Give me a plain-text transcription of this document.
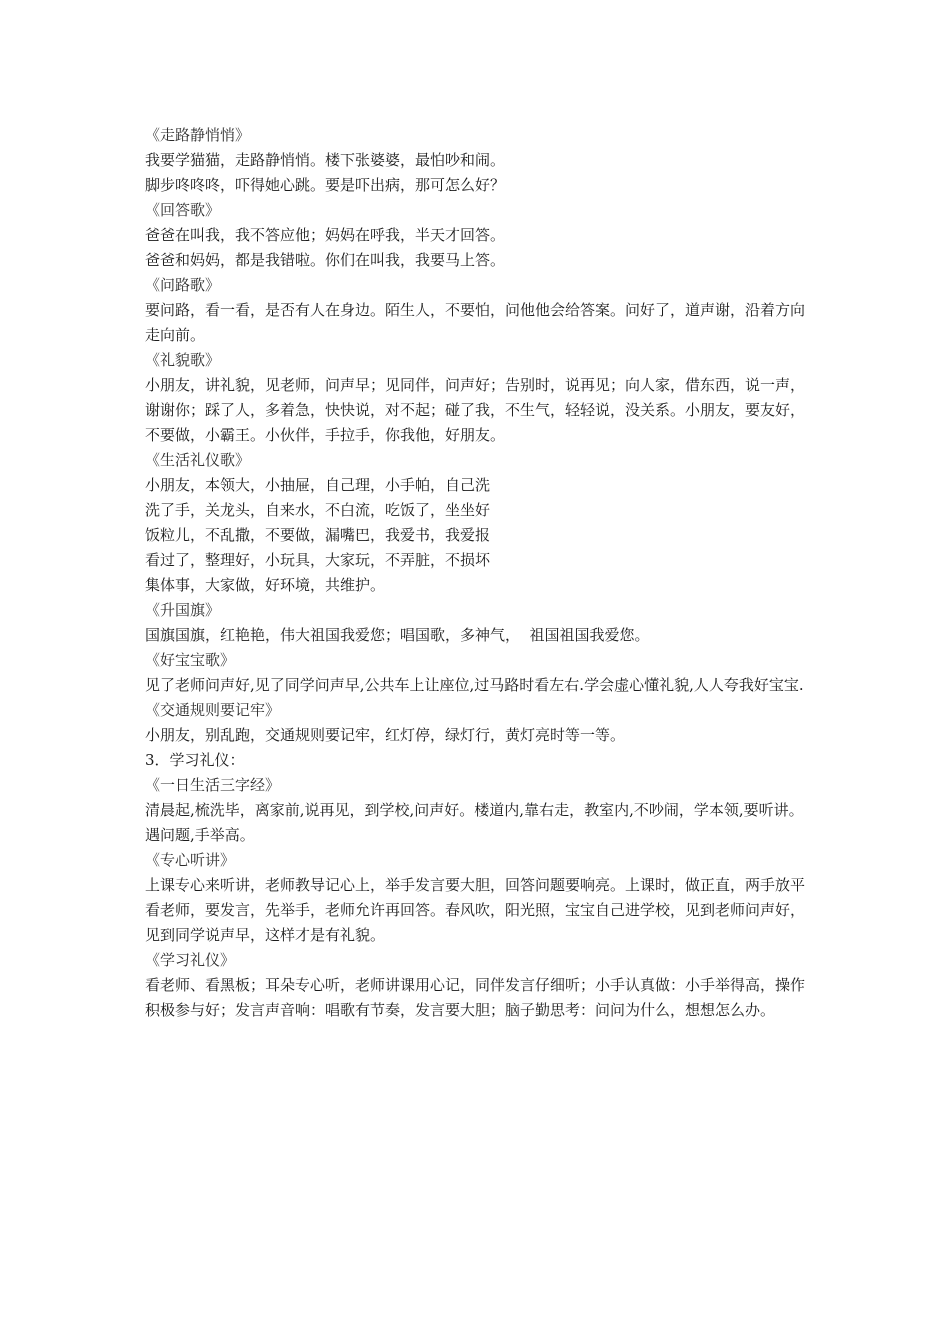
《走路静悄悄》
我要学猫猫，走路静悄悄。楼下张婆婆，最怕吵和闹。
脚步咚咚咚，吓得她心跳。要是吓出病，那可怎么好？
《回答歌》
爸爸在叫我，我不答应他；妈妈在呼我，半天才回答。
爸爸和妈妈，都是我错啦。你们在叫我，我要马上答。
《问路歌》
要问路，看一看，是否有人在身边。陌生人，不要怕，问他他会给答案。问好了，道声谢，沿着方向走向前。
《礼貌歌》
小朋友，讲礼貌，见老师，问声早；见同伴，问声好；告别时，说再见；向人家，借东西，说一声，谢谢你；踩了人，多着急，快快说，对不起；碰了我，不生气，轻轻说，没关系。小朋友，要友好，不要做，小霸王。小伙伴，手拉手，你我他，好朋友。
《生活礼仪歌》
小朋友，本领大，小抽屉，自己理，小手帕，自己洗
洗了手，关龙头，自来水，不白流，吃饭了，坐坐好
饭粒儿，不乱撒，不要做，漏嘴巴，我爱书，我爱报
看过了，整理好，小玩具，大家玩，不弄脏，不损坏
集体事，大家做，好环境，共维护。
《升国旗》
国旗国旗，红艳艳，伟大祖国我爱您；唱国歌，多神气，  祖国祖国我爱您。
《好宝宝歌》
见了老师问声好,见了同学问声早,公共车上让座位,过马路时看左右.学会虚心懂礼貌,人人夸我好宝宝.
《交通规则要记牢》
小朋友，别乱跑，交通规则要记牢，红灯停，绿灯行，黄灯亮时等一等。
3．学习礼仪：
《一日生活三字经》
清晨起,梳洗毕，离家前,说再见，到学校,问声好。楼道内,靠右走，教室内,不吵闹，学本领,要听讲。遇问题,手举高。
《专心听讲》
上课专心来听讲，老师教导记心上，举手发言要大胆，回答问题要响亮。上课时，做正直，两手放平看老师，要发言，先举手，老师允许再回答。春风吹，阳光照，宝宝自己进学校，见到老师问声好，见到同学说声早，这样才是有礼貌。
《学习礼仪》
看老师、看黑板；耳朵专心听，老师讲课用心记，同伴发言仔细听；小手认真做：小手举得高，操作积极参与好；发言声音响：唱歌有节奏，发言要大胆；脑子勤思考：问问为什么，想想怎么办。
